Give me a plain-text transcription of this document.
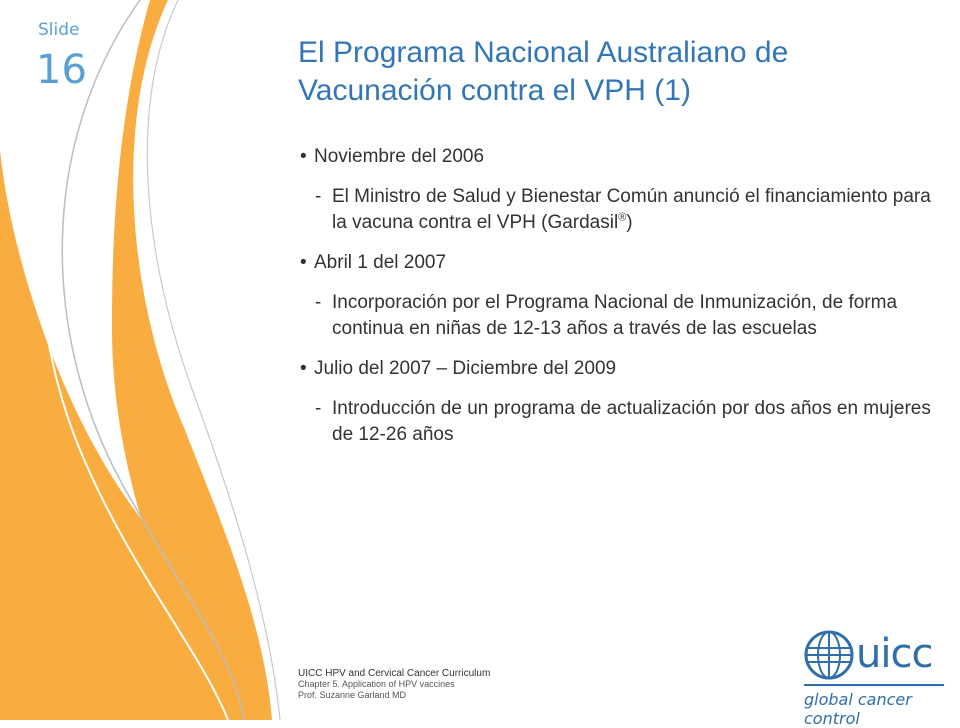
Slide
16	El Programa Nacional Australiano de Vacunación contra el VPH (1)
• Noviembre del 2006
- El Ministro de Salud y Bienestar Común anunció el financiamiento para la vacuna contra el VPH (Gardasil®)
• Abril 1 del 2007
- Incorporación por el Programa Nacional de Inmunización, de forma continua en niñas de 12-13 años a través de las escuelas
• Julio del 2007 – Diciembre del 2009
- Introducción de un programa de actualización por dos años en mujeres de 12-26 años
UICC HPV and Cervical Cancer Curriculum
Chapter 5. Application of HPV vaccines
Prof. Suzanne Garland MD
uicc
global cancer control
